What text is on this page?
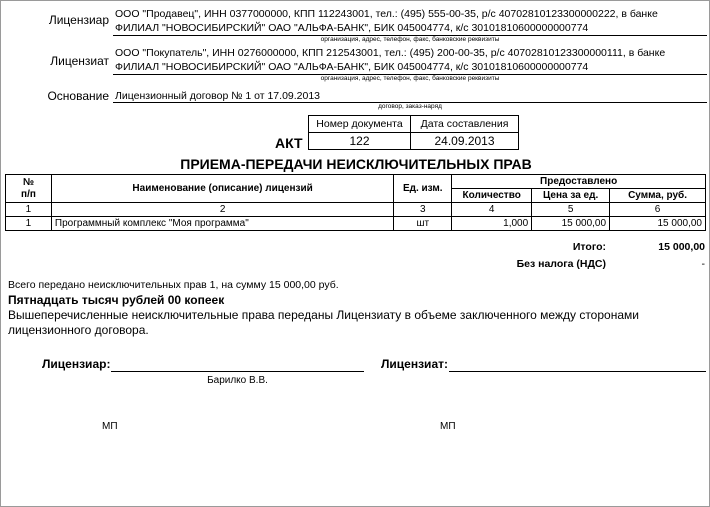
Лицензиар ООО "Продавец", ИНН 0377000000, КПП 112243001, тел.: (495) 555-00-35, р/с 40702810123300000222, в банке
ФИЛИАЛ "НОВОСИБИРСКИЙ" ОАО "АЛЬФА-БАНК", БИК 045004774, к/с 30101810600000000774
организация, адрес, телефон, факс, банковские реквизиты
Лицензиат
ООО "Покупатель", ИНН 0276000000, КПП 212543001, тел.: (495) 200-00-35, р/с 40702810123300000111, в банке
ФИЛИАЛ "НОВОСИБИРСКИЙ" ОАО "АЛЬФА-БАНК", БИК 045004774, к/с 30101810600000000774
организация, адрес, телефон, факс, банковские реквизиты
Основание Лицензионный договор № 1 от 17.09.2013
договор, заказ-наряд
АКТ
Номер документа	Дата составления
122	24.09.2013
ПРИЕМА-ПЕРЕДАЧИ НЕИСКЛЮЧИТЕЛЬНЫХ ПРАВ
№
п/п	Наименование (описание) лицензий	Ед. изм.	Предоставлено		
			Количество	Цена за ед.	Сумма, руб.
1	2	3	4	5	6
1	Программный комплекс "Моя программа"	шт	1,000	15 000,00	15 000,00
Итого:	15 000,00
Без налога (НДС)	-
Всего передано неисключительных прав 1, на сумму 15 000,00 руб.
Пятнадцать тысяч рублей 00 копеек
Вышеперечисленные неисключительные права переданы Лицензиату в объеме заключенного между сторонами
лицензионного договора.
Лицензиар:
Барилко В.В.
Лицензиат:
МП	МП
